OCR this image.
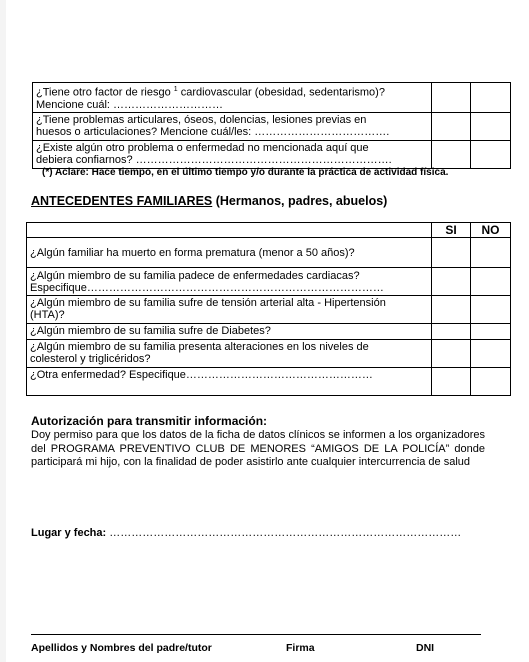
¿Tiene otro factor de riesgo $^1$ cardiovascular (obesidad, sedentarismo)?
Mencione cuál: …………………………		
¿Tiene problemas articulares, óseos, dolencias, lesiones previas en
huesos o articulaciones? Mencione cuál/les: ……………………………….		
¿Existe algún otro problema o enfermedad no mencionada aquí que
debiera confiarnos? …………………………………………………………….		
(*) Aclare: Hace tiempo, en el último tiempo y/o durante la práctica de actividad física.
ANTECEDENTES FAMILIARES (Hermanos, padres, abuelos)
	SI	NO
¿Algún familiar ha muerto en forma prematura (menor a 50 años)?		
¿Algún miembro de su familia padece de enfermedades cardiacas?
Especifique………………………………………………………………………		
¿Algún miembro de su familia sufre de tensión arterial alta - Hipertensión
(HTA)?		
¿Algún miembro de su familia sufre de Diabetes?		
¿Algún miembro de su familia presenta alteraciones en los niveles de
colesterol y triglicéridos?		
¿Otra enfermedad? Especifique……………………………………………		
Autorización para transmitir información:
Doy permiso para que los datos de la ficha de datos clínicos se informen a los organizadores del PROGRAMA PREVENTIVO CLUB DE MENORES “AMIGOS DE LA POLICÍA” donde participará mi hijo, con la finalidad de poder asistirlo ante cualquier intercurrencia de salud
Lugar y fecha: ……………………………………………………………………………………
Apellidos y Nombres del padre/tutor	Firma	DNI
